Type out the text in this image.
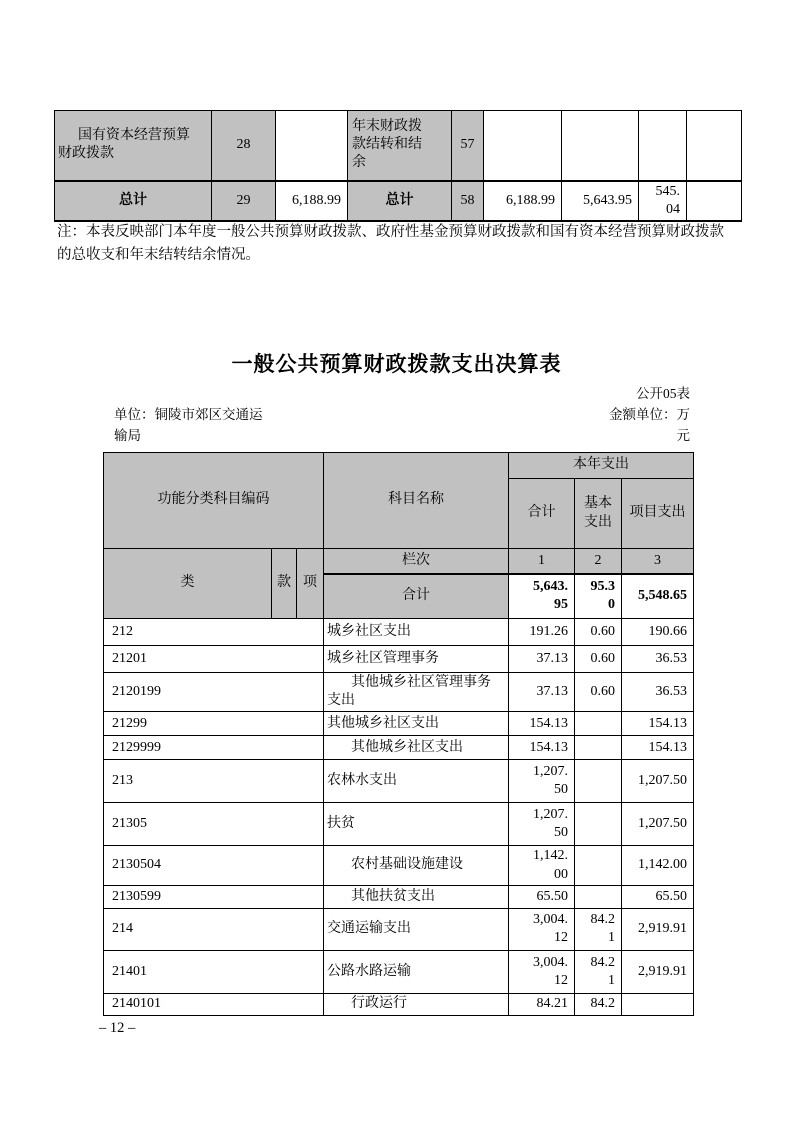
国有资本经营预算财政拨款	28		年末财政拨款结转和结余	57				
总计	29	6,188.99	总计	58	6,188.99	5,643.95	545.04	

注：本表反映部门本年度一般公共预算财政拨款、政府性基金预算财政拨款和国有资本经营预算财政拨款的总收支和年末结转结余情况。

一般公共预算财政拨款支出决算表
公开05表
金额单位：万元
单位：铜陵市郊区交通运输局
功能分类科目编码			科目名称	本年支出		
				合计	基本支出	项目支出
类	款	项	栏次	1	2	3
			合计	5,643.95	95.30	5,548.65
212			城乡社区支出	191.26	0.60	190.66
21201			城乡社区管理事务	37.13	0.60	36.53
2120199			其他城乡社区管理事务支出	37.13	0.60	36.53
21299			其他城乡社区支出	154.13		154.13
2129999			其他城乡社区支出	154.13		154.13
213			农林水支出	1,207.50		1,207.50
21305			扶贫	1,207.50		1,207.50
2130504			农村基础设施建设	1,142.00		1,142.00
2130599			其他扶贫支出	65.50		65.50
214			交通运输支出	3,004.12	84.21	2,919.91
21401			公路水路运输	3,004.12	84.21	2,919.91
2140101			行政运行	84.21	84.2	
– 12 –
